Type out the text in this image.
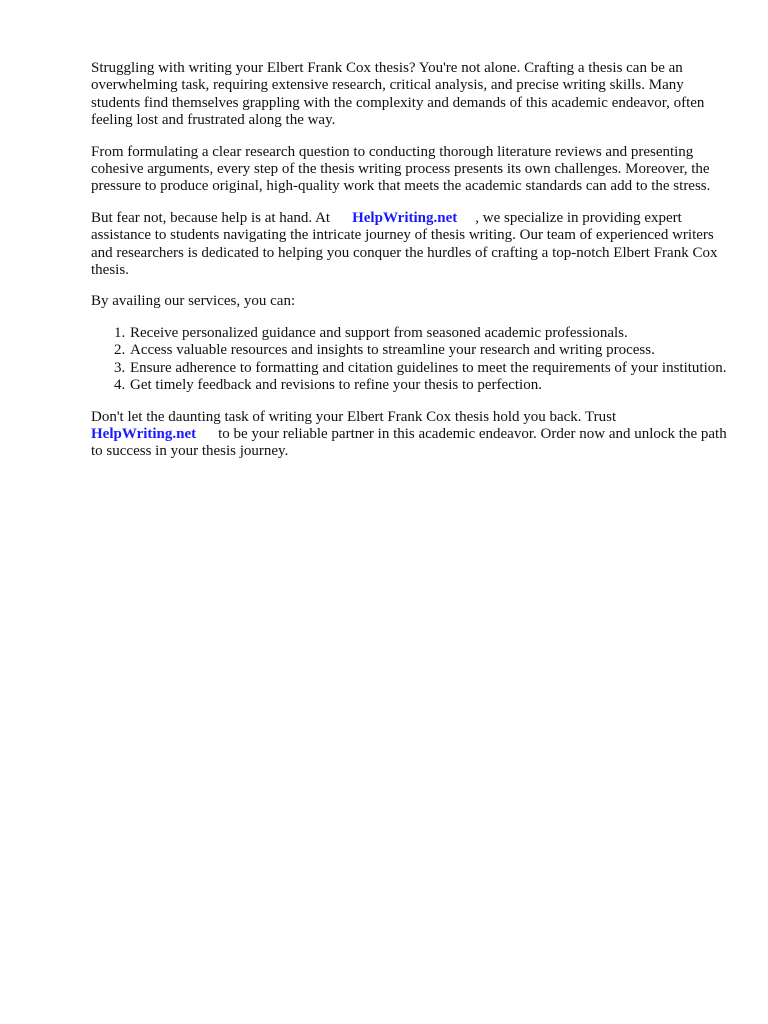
Struggling with writing your Elbert Frank Cox thesis? You're not alone. Crafting a thesis can be an overwhelming task, requiring extensive research, critical analysis, and precise writing skills. Many students find themselves grappling with the complexity and demands of this academic endeavor, often feeling lost and frustrated along the way.

From formulating a clear research question to conducting thorough literature reviews and presenting cohesive arguments, every step of the thesis writing process presents its own challenges. Moreover, the pressure to produce original, high-quality work that meets the academic standards can add to the stress.

But fear not, because help is at hand. At HelpWriting.net , we specialize in providing expert assistance to students navigating the intricate journey of thesis writing. Our team of experienced writers and researchers is dedicated to helping you conquer the hurdles of crafting a top-notch Elbert Frank Cox thesis.

By availing our services, you can:

1. Receive personalized guidance and support from seasoned academic professionals.
2. Access valuable resources and insights to streamline your research and writing process.
3. Ensure adherence to formatting and citation guidelines to meet the requirements of your institution.
4. Get timely feedback and revisions to refine your thesis to perfection.

Don't let the daunting task of writing your Elbert Frank Cox thesis hold you back. Trust
HelpWriting.net to be your reliable partner in this academic endeavor. Order now and unlock the path to success in your thesis journey.
